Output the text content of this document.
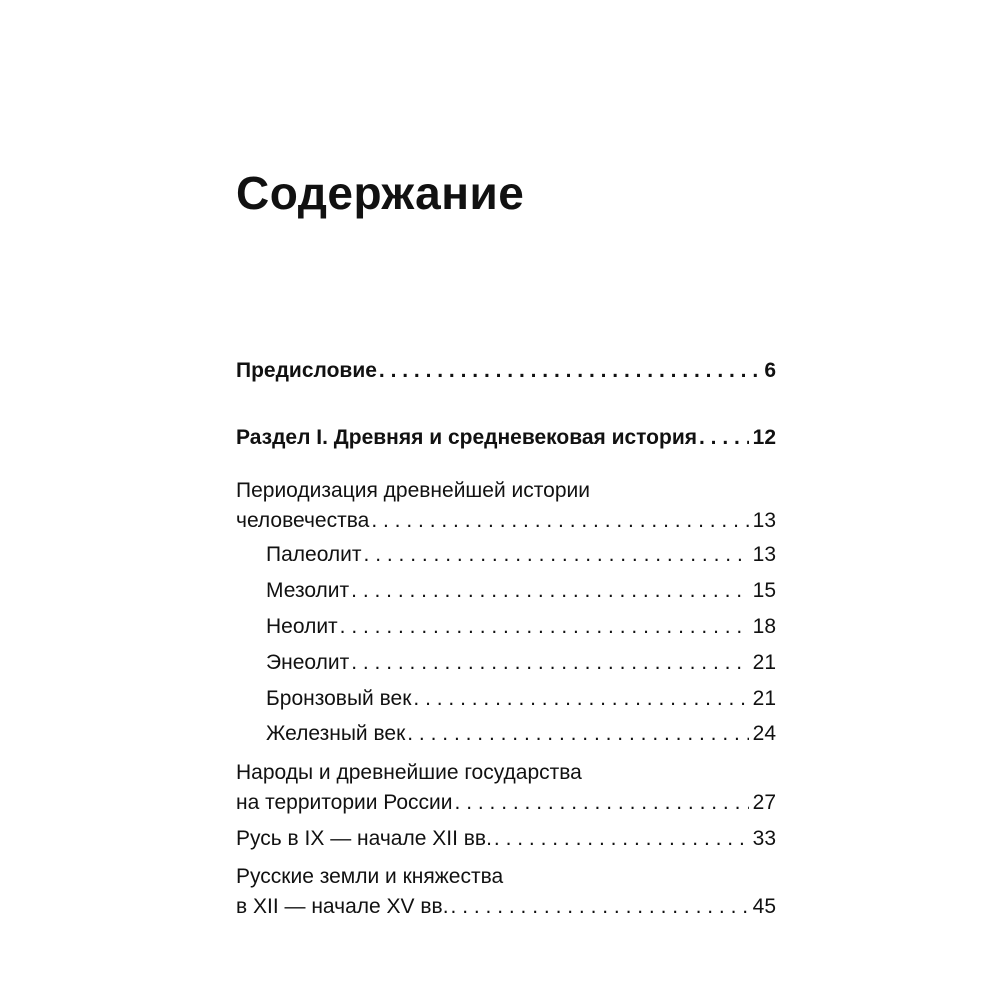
Содержание
Предисловие . . .	6
Раздел I. Древняя и средневековая история . . .	12
Периодизация древнейшей истории
человечества . . .	13
Палеолит . . .	13
Мезолит . . .	15
Неолит . . .	18
Энеолит . . .	21
Бронзовый век . . .	21
Железный век . . .	24
Народы и древнейшие государства
на территории России . . .	27
Русь в IX — начале XII вв. . . .	33
Русские земли и княжества
в XII — начале XV вв. . . .	45
